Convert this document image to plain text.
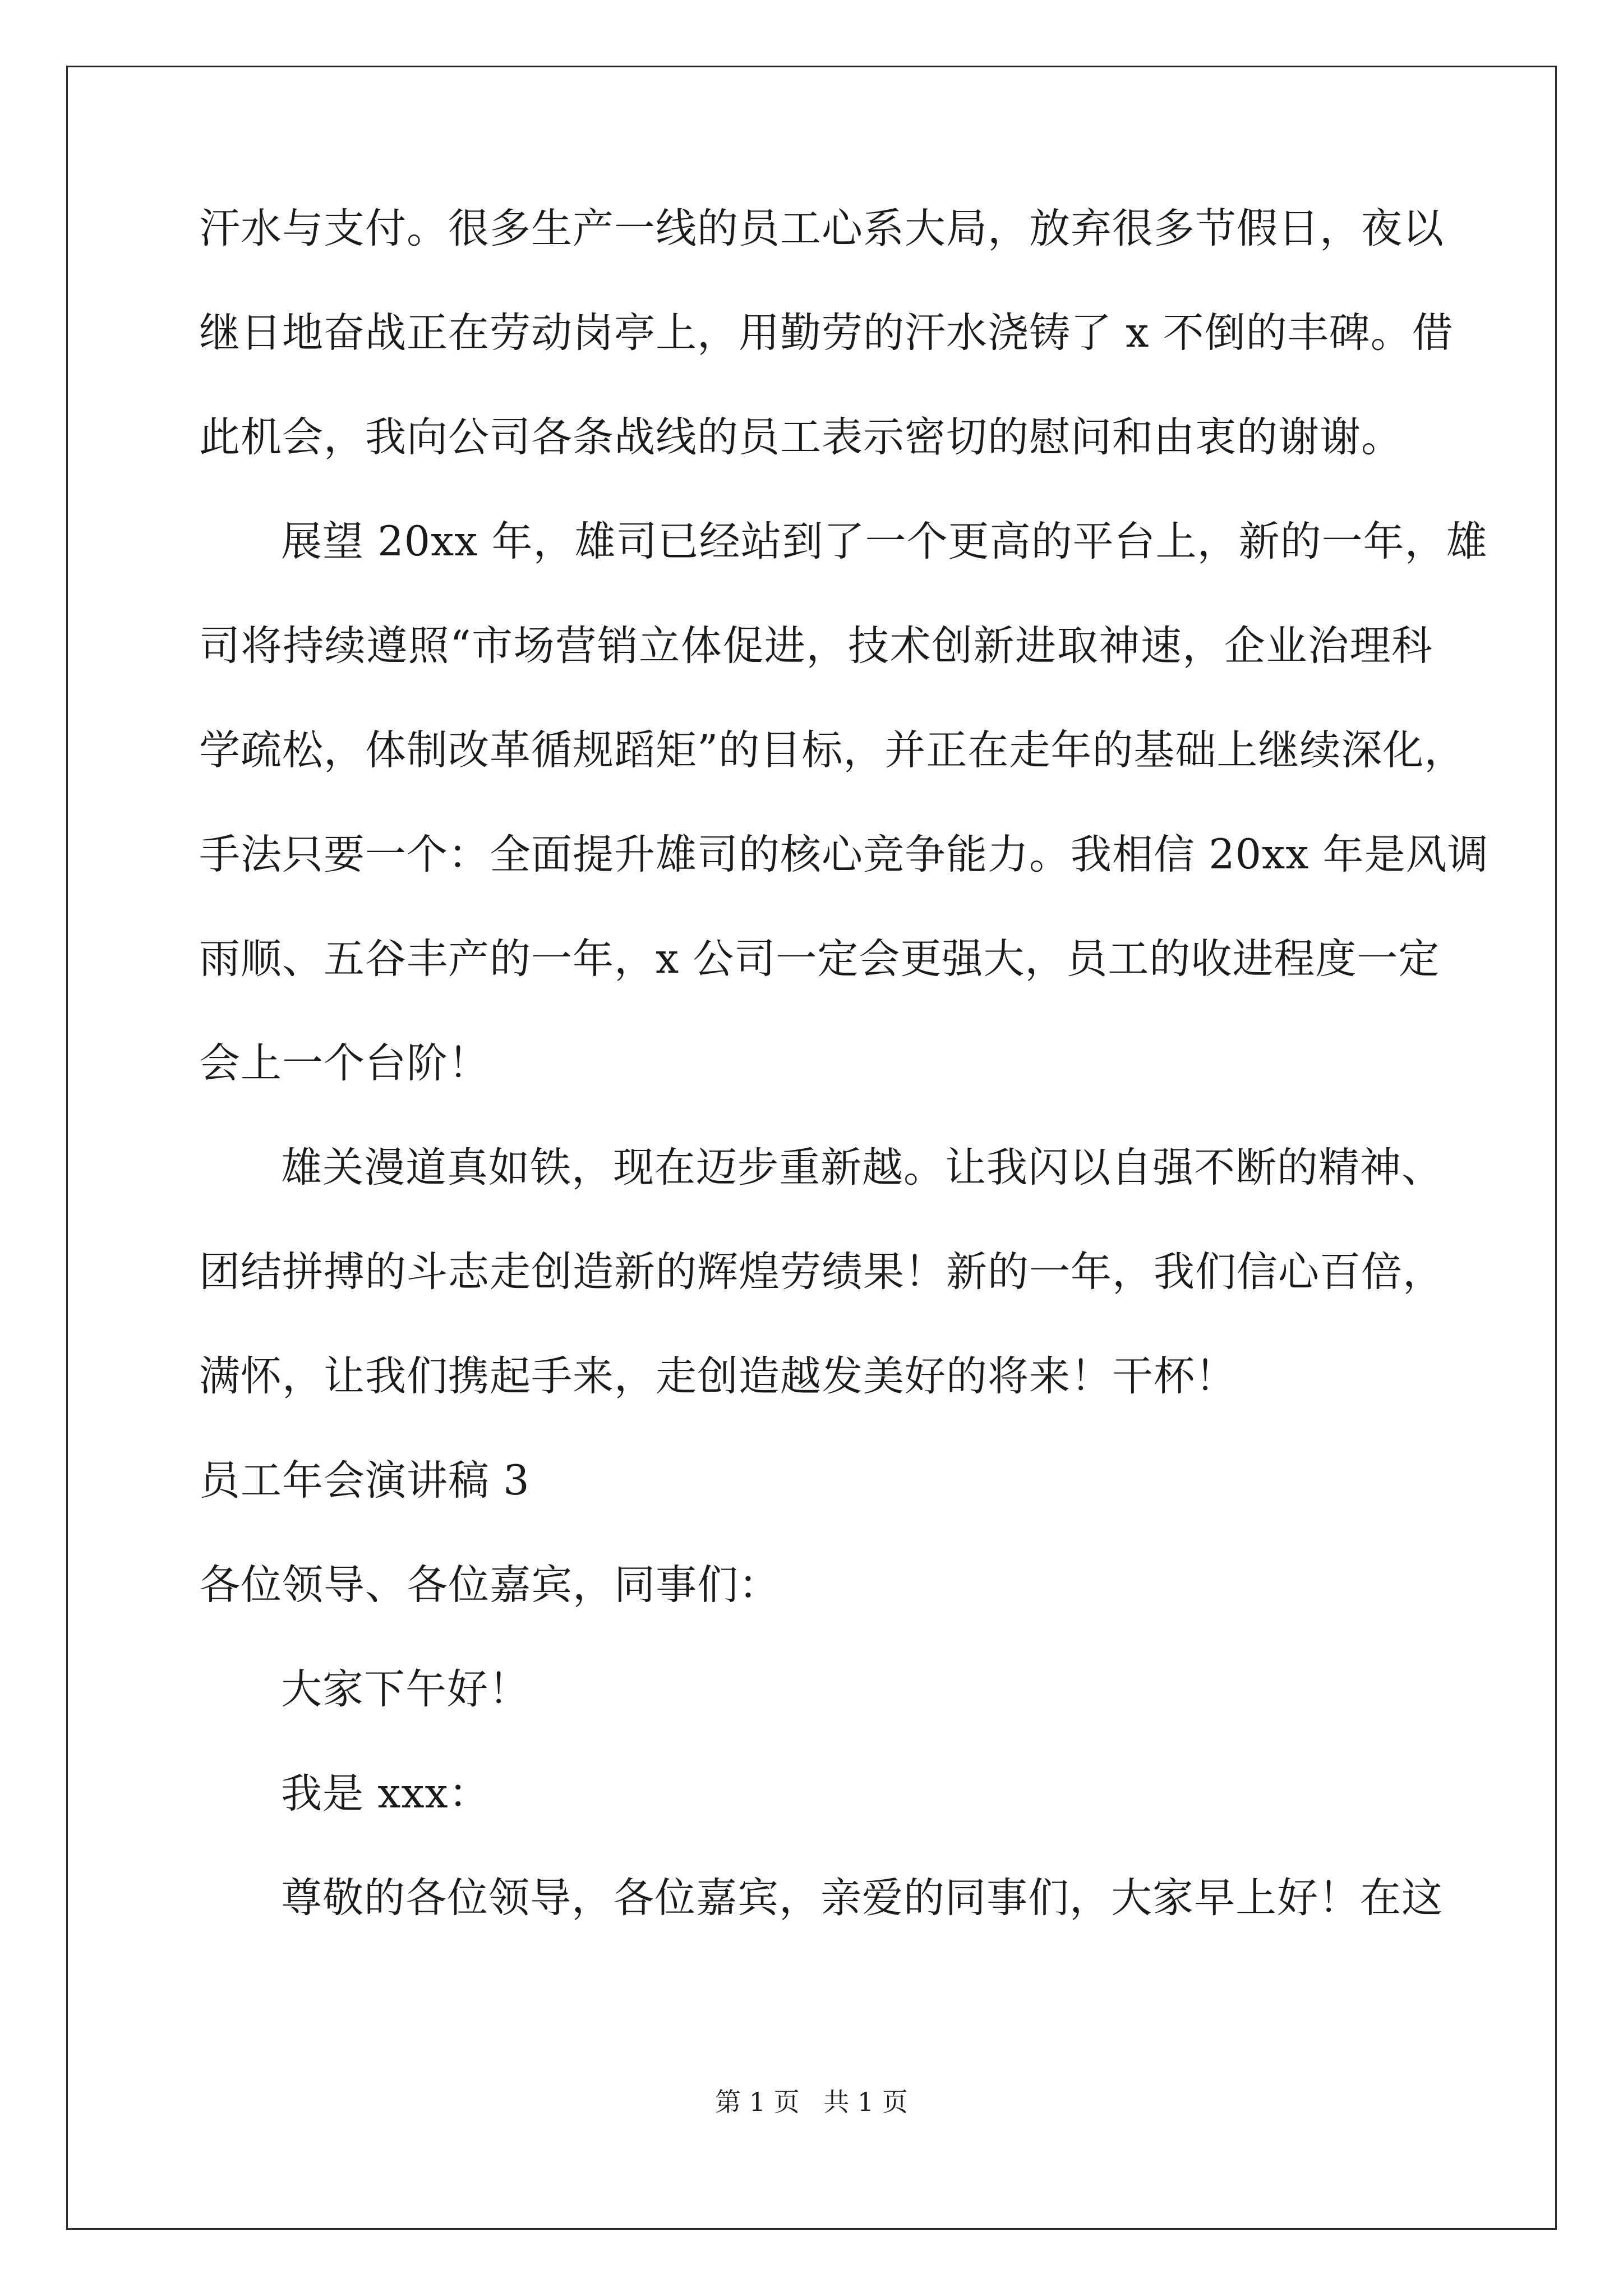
汗水与支付。很多生产一线的员工心系大局，放弃很多节假日，夜以
继日地奋战正在劳动岗亭上，用勤劳的汗水浇铸了 x 不倒的丰碑。借
此机会，我向公司各条战线的员工表示密切的慰问和由衷的谢谢。
展望 20xx 年，雄司已经站到了一个更高的平台上，新的一年，雄
司将持续遵照“市场营销立体促进，技术创新进取神速，企业治理科
学疏松，体制改革循规蹈矩”的目标，并正在走年的基础上继续深化，
手法只要一个：全面提升雄司的核心竞争能力。我相信 20xx 年是风调
雨顺、五谷丰产的一年，x 公司一定会更强大，员工的收进程度一定
会上一个台阶！
雄关漫道真如铁，现在迈步重新越。让我闪以自强不断的精神、
团结拼搏的斗志走创造新的辉煌劳绩果！新的一年，我们信心百倍，
满怀，让我们携起手来，走创造越发美好的将来！干杯！
员工年会演讲稿 3
各位领导、各位嘉宾，同事们：
大家下午好！
我是 xxx：
尊敬的各位领导，各位嘉宾，亲爱的同事们，大家早上好！在这
第 1 页 共 1 页
